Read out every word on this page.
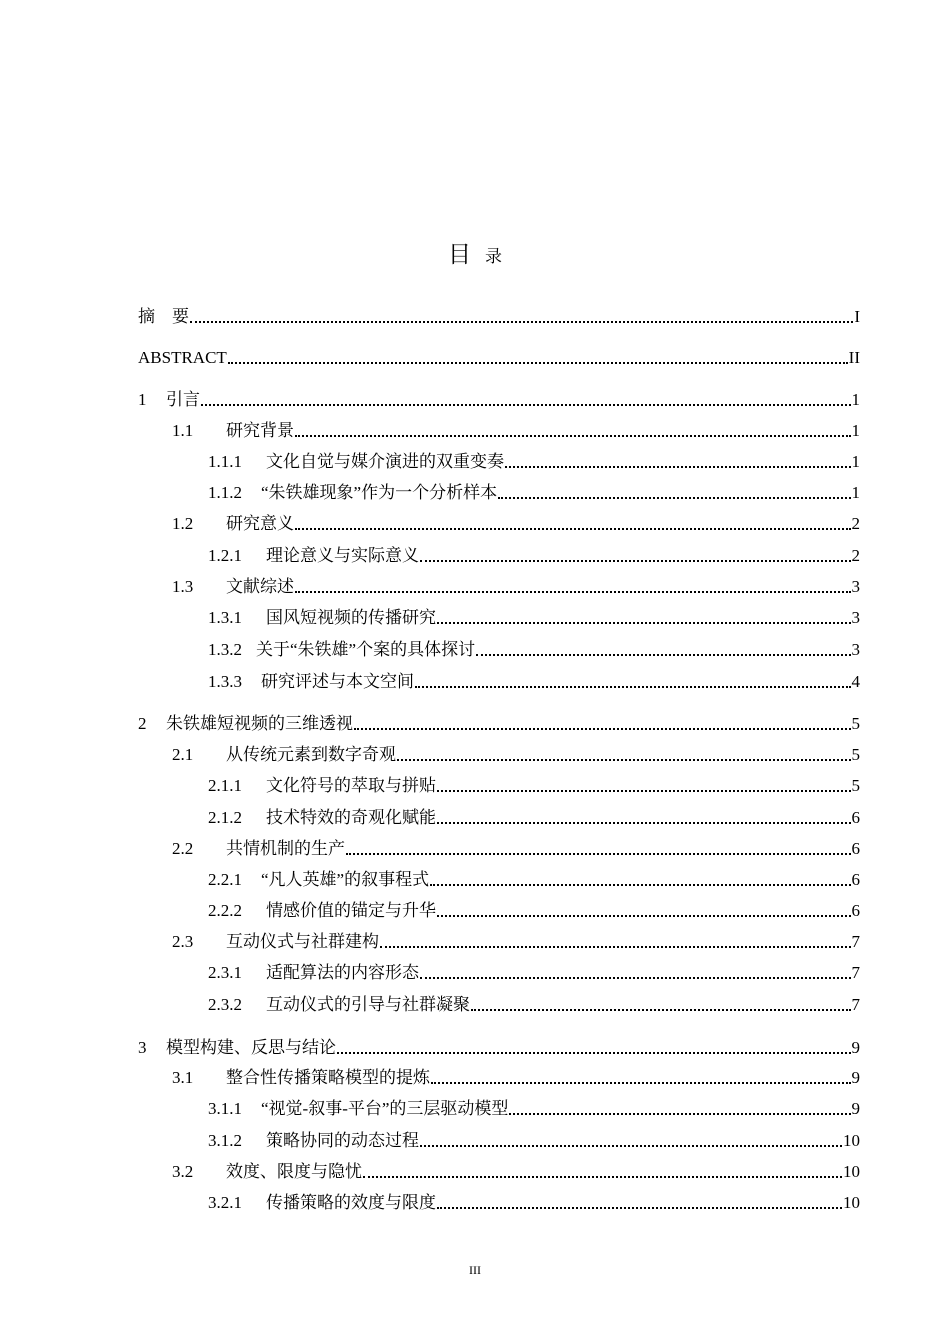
目 录
摘　要	I
ABSTRACT	II
1	引言	1
1.1	研究背景	1
1.1.1	文化自觉与媒介演进的双重变奏	1
1.1.2	“朱铁雄现象”作为一个分析样本	1
1.2	研究意义	2
1.2.1	理论意义与实际意义	2
1.3	文献综述	3
1.3.1	国风短视频的传播研究	3
1.3.2 关于“朱铁雄”个案的具体探讨	3
1.3.3	研究评述与本文空间	4
2	朱铁雄短视频的三维透视	5
2.1	从传统元素到数字奇观	5
2.1.1	文化符号的萃取与拼贴	5
2.1.2	技术特效的奇观化赋能	6
2.2	共情机制的生产	6
2.2.1	“凡人英雄”的叙事程式	6
2.2.2	情感价值的锚定与升华	6
2.3	互动仪式与社群建构	7
2.3.1	适配算法的内容形态	7
2.3.2	互动仪式的引导与社群凝聚	7
3	模型构建、反思与结论	9
3.1	整合性传播策略模型的提炼	9
3.1.1	“视觉-叙事-平台”的三层驱动模型	9
3.1.2	策略协同的动态过程	10
3.2	效度、限度与隐忧	10
3.2.1	传播策略的效度与限度	10
III
